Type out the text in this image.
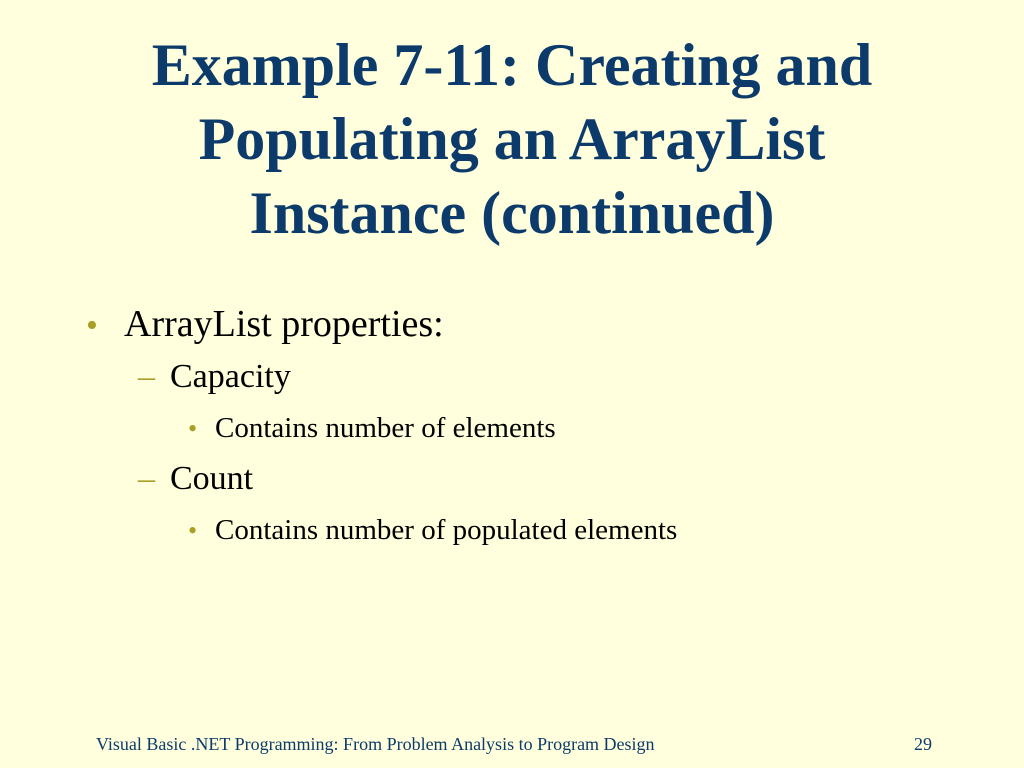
Example 7-11: Creating and
Populating an ArrayList
Instance (continued)
• ArrayList properties:
– Capacity
• Contains number of elements
– Count
• Contains number of populated elements
Visual Basic .NET Programming: From Problem Analysis to Program Design	29
